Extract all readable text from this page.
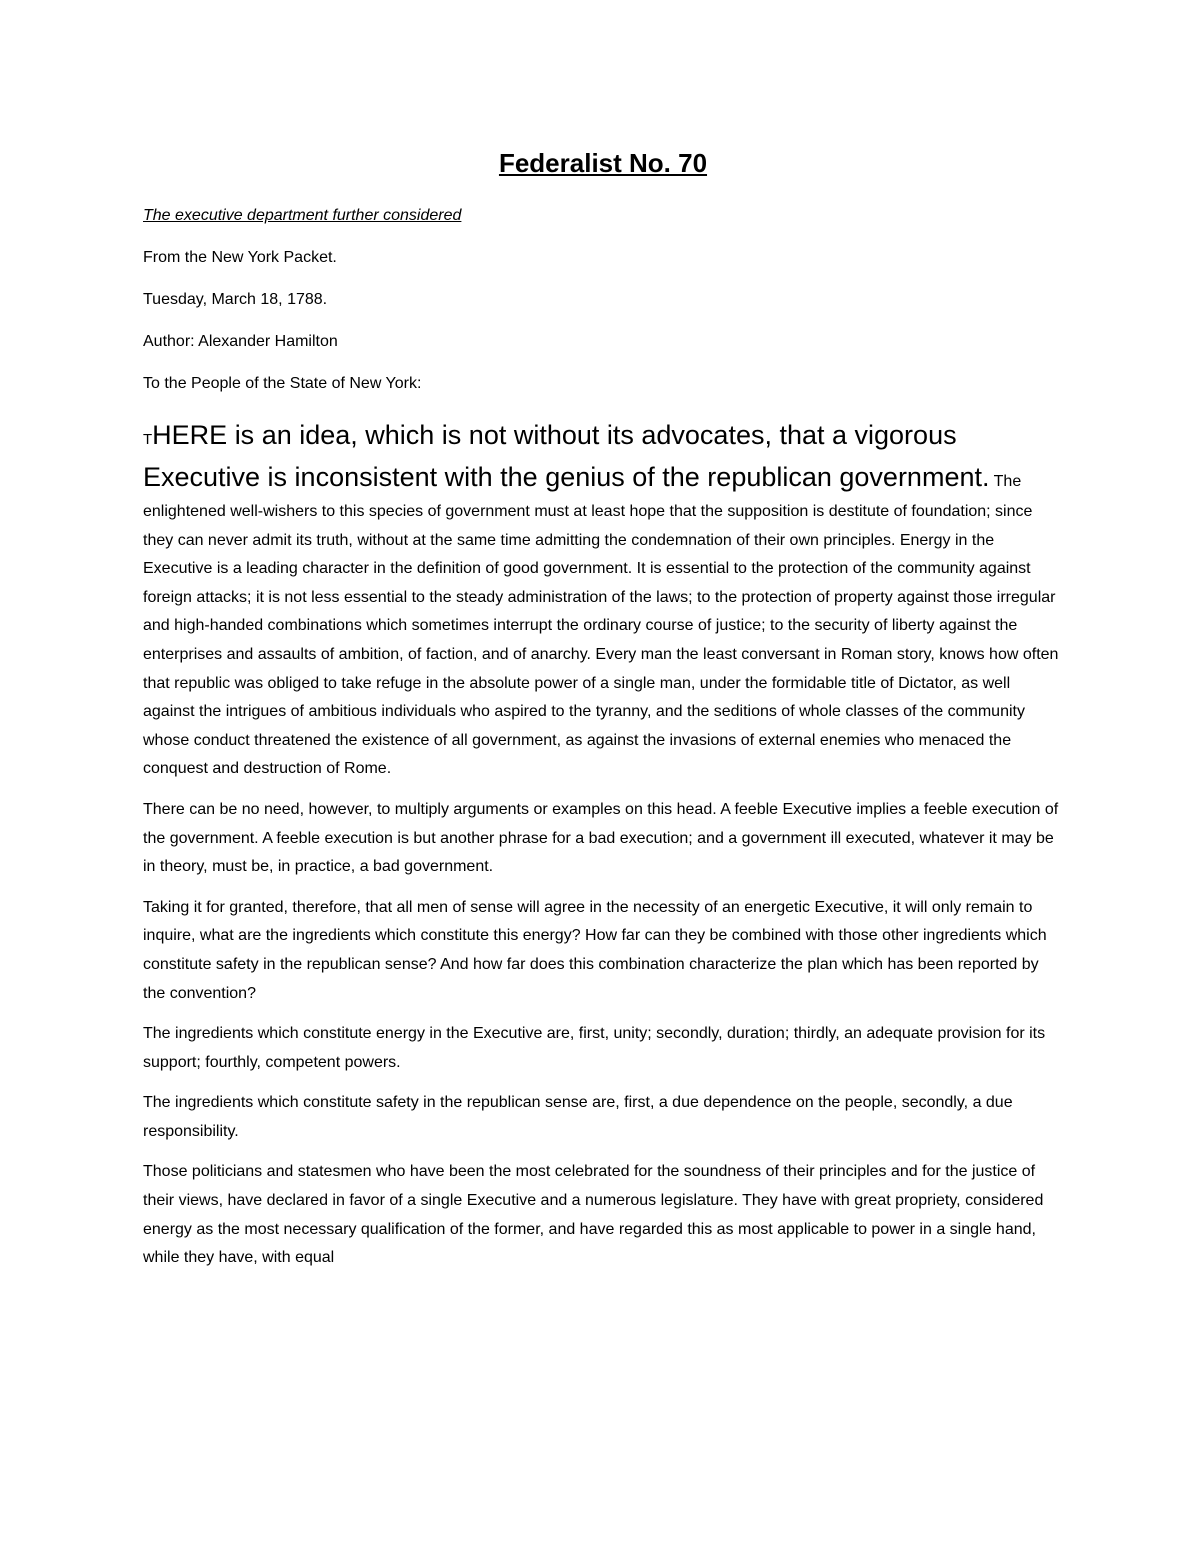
Federalist No. 70

The executive department further considered

From the New York Packet.

Tuesday, March 18, 1788.

Author: Alexander Hamilton

To the People of the State of New York:

THERE is an idea, which is not without its advocates, that a vigorous Executive is inconsistent with the genius of the republican government. The enlightened well-wishers to this species of government must at least hope that the supposition is destitute of foundation; since they can never admit its truth, without at the same time admitting the condemnation of their own principles. Energy in the Executive is a leading character in the definition of good government. It is essential to the protection of the community against foreign attacks; it is not less essential to the steady administration of the laws; to the protection of property against those irregular and high-handed combinations which sometimes interrupt the ordinary course of justice; to the security of liberty against the enterprises and assaults of ambition, of faction, and of anarchy. Every man the least conversant in Roman story, knows how often that republic was obliged to take refuge in the absolute power of a single man, under the formidable title of Dictator, as well against the intrigues of ambitious individuals who aspired to the tyranny, and the seditions of whole classes of the community whose conduct threatened the existence of all government, as against the invasions of external enemies who menaced the conquest and destruction of Rome.

There can be no need, however, to multiply arguments or examples on this head. A feeble Executive implies a feeble execution of the government. A feeble execution is but another phrase for a bad execution; and a government ill executed, whatever it may be in theory, must be, in practice, a bad government.

Taking it for granted, therefore, that all men of sense will agree in the necessity of an energetic Executive, it will only remain to inquire, what are the ingredients which constitute this energy? How far can they be combined with those other ingredients which constitute safety in the republican sense? And how far does this combination characterize the plan which has been reported by the convention?

The ingredients which constitute energy in the Executive are, first, unity; secondly, duration; thirdly, an adequate provision for its support; fourthly, competent powers.

The ingredients which constitute safety in the republican sense are, first, a due dependence on the people, secondly, a due responsibility.

Those politicians and statesmen who have been the most celebrated for the soundness of their principles and for the justice of their views, have declared in favor of a single Executive and a numerous legislature. They have with great propriety, considered energy as the most necessary qualification of the former, and have regarded this as most applicable to power in a single hand, while they have, with equal
